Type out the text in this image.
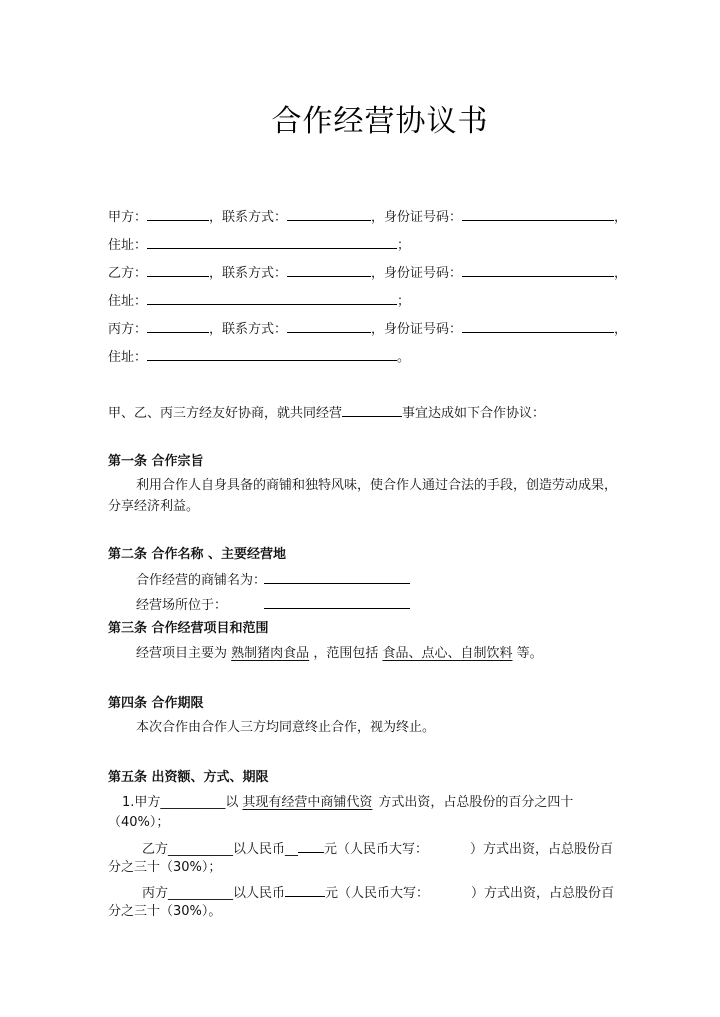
合作经营协议书
甲方：	，联系方式：	，身份证号码：	，
住址：	；
乙方：	，联系方式：	，身份证号码：	，
住址：	；
丙方：	，联系方式：	，身份证号码：	，
住址：	。
甲、乙、丙三方经友好协商，就共同经营	事宜达成如下合作协议：
第一条 合作宗旨
利用合作人自身具备的商铺和独特风味，使合作人通过合法的手段，创造劳动成果，
分享经济利益。
第二条 合作名称 、主要经营地
合作经营的商铺名为：
经营场所位于：
第三条 合作经营项目和范围
经营项目主要为 熟制猪肉食品 ，范围包括 食品、点心、自制饮料 等。
第四条 合作期限
本次合作由合作人三方均同意终止合作，视为终止。
第五条 出资额、方式、期限
1.甲方__________以 其现有经营中商铺代资 方式出资，占总股份的百分之四十
（40%）；
乙方__________以人民币__ 元（人民币大写：	）方式出资，占总股份百
分之三十（30%）；
丙方__________以人民币	元（人民币大写：	）方式出资，占总股份百
分之三十（30%）。
